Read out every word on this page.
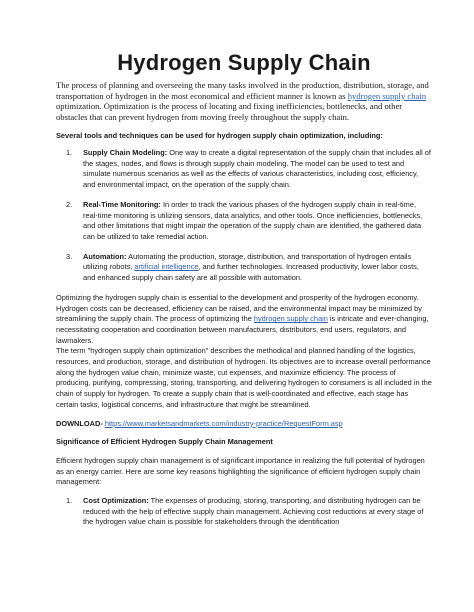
Hydrogen Supply Chain

The process of planning and overseeing the many tasks involved in the production, distribution, storage, and transportation of hydrogen in the most economical and efficient manner is known as hydrogen supply chain optimization. Optimization is the process of locating and fixing inefficiencies, bottlenecks, and other obstacles that can prevent hydrogen from moving freely throughout the supply chain.

Several tools and techniques can be used for hydrogen supply chain optimization, including:

1.	Supply Chain Modeling: One way to create a digital representation of the supply chain that includes all of the stages, nodes, and flows is through supply chain modeling. The model can be used to test and simulate numerous scenarios as well as the effects of various characteristics, including cost, efficiency, and environmental impact, on the operation of the supply chain.
2.	Real-Time Monitoring: In order to track the various phases of the hydrogen supply chain in real-time, real-time monitoring is utilizing sensors, data analytics, and other tools. Once inefficiencies, bottlenecks, and other limitations that might impair the operation of the supply chain are identified, the gathered data can be utilized to take remedial action.
3.	Automation: Automating the production, storage, distribution, and transportation of hydrogen entails utilizing robots, artificial intelligence, and further technologies. Increased productivity, lower labor costs, and enhanced supply chain safety are all possible with automation.

Optimizing the hydrogen supply chain is essential to the development and prosperity of the hydrogen economy. Hydrogen costs can be decreased, efficiency can be raised, and the environmental impact may be minimized by streamlining the supply chain. The process of optimizing the hydrogen supply chain is intricate and ever-changing, necessitating cooperation and coordination between manufacturers, distributors, end users, regulators, and lawmakers.

The term "hydrogen supply chain optimization" describes the methodical and planned handling of the logistics, resources, and production, storage, and distribution of hydrogen. Its objectives are to increase overall performance along the hydrogen value chain, minimize waste, cut expenses, and maximize efficiency. The process of producing, purifying, compressing, storing, transporting, and delivering hydrogen to consumers is all included in the chain of supply for hydrogen. To create a supply chain that is well-coordinated and effective, each stage has certain tasks, logistical concerns, and infrastructure that might be streamlined.

DOWNLOAD- https://www.marketsandmarkets.com/industry-practice/RequestForm.asp

Significance of Efficient Hydrogen Supply Chain Management

Efficient hydrogen supply chain management is of significant importance in realizing the full potential of hydrogen as an energy carrier. Here are some key reasons highlighting the significance of efficient hydrogen supply chain management:

1.	Cost Optimization: The expenses of producing, storing, transporting, and distributing hydrogen can be reduced with the help of effective supply chain management. Achieving cost reductions at every stage of the hydrogen value chain is possible for stakeholders through the identification
